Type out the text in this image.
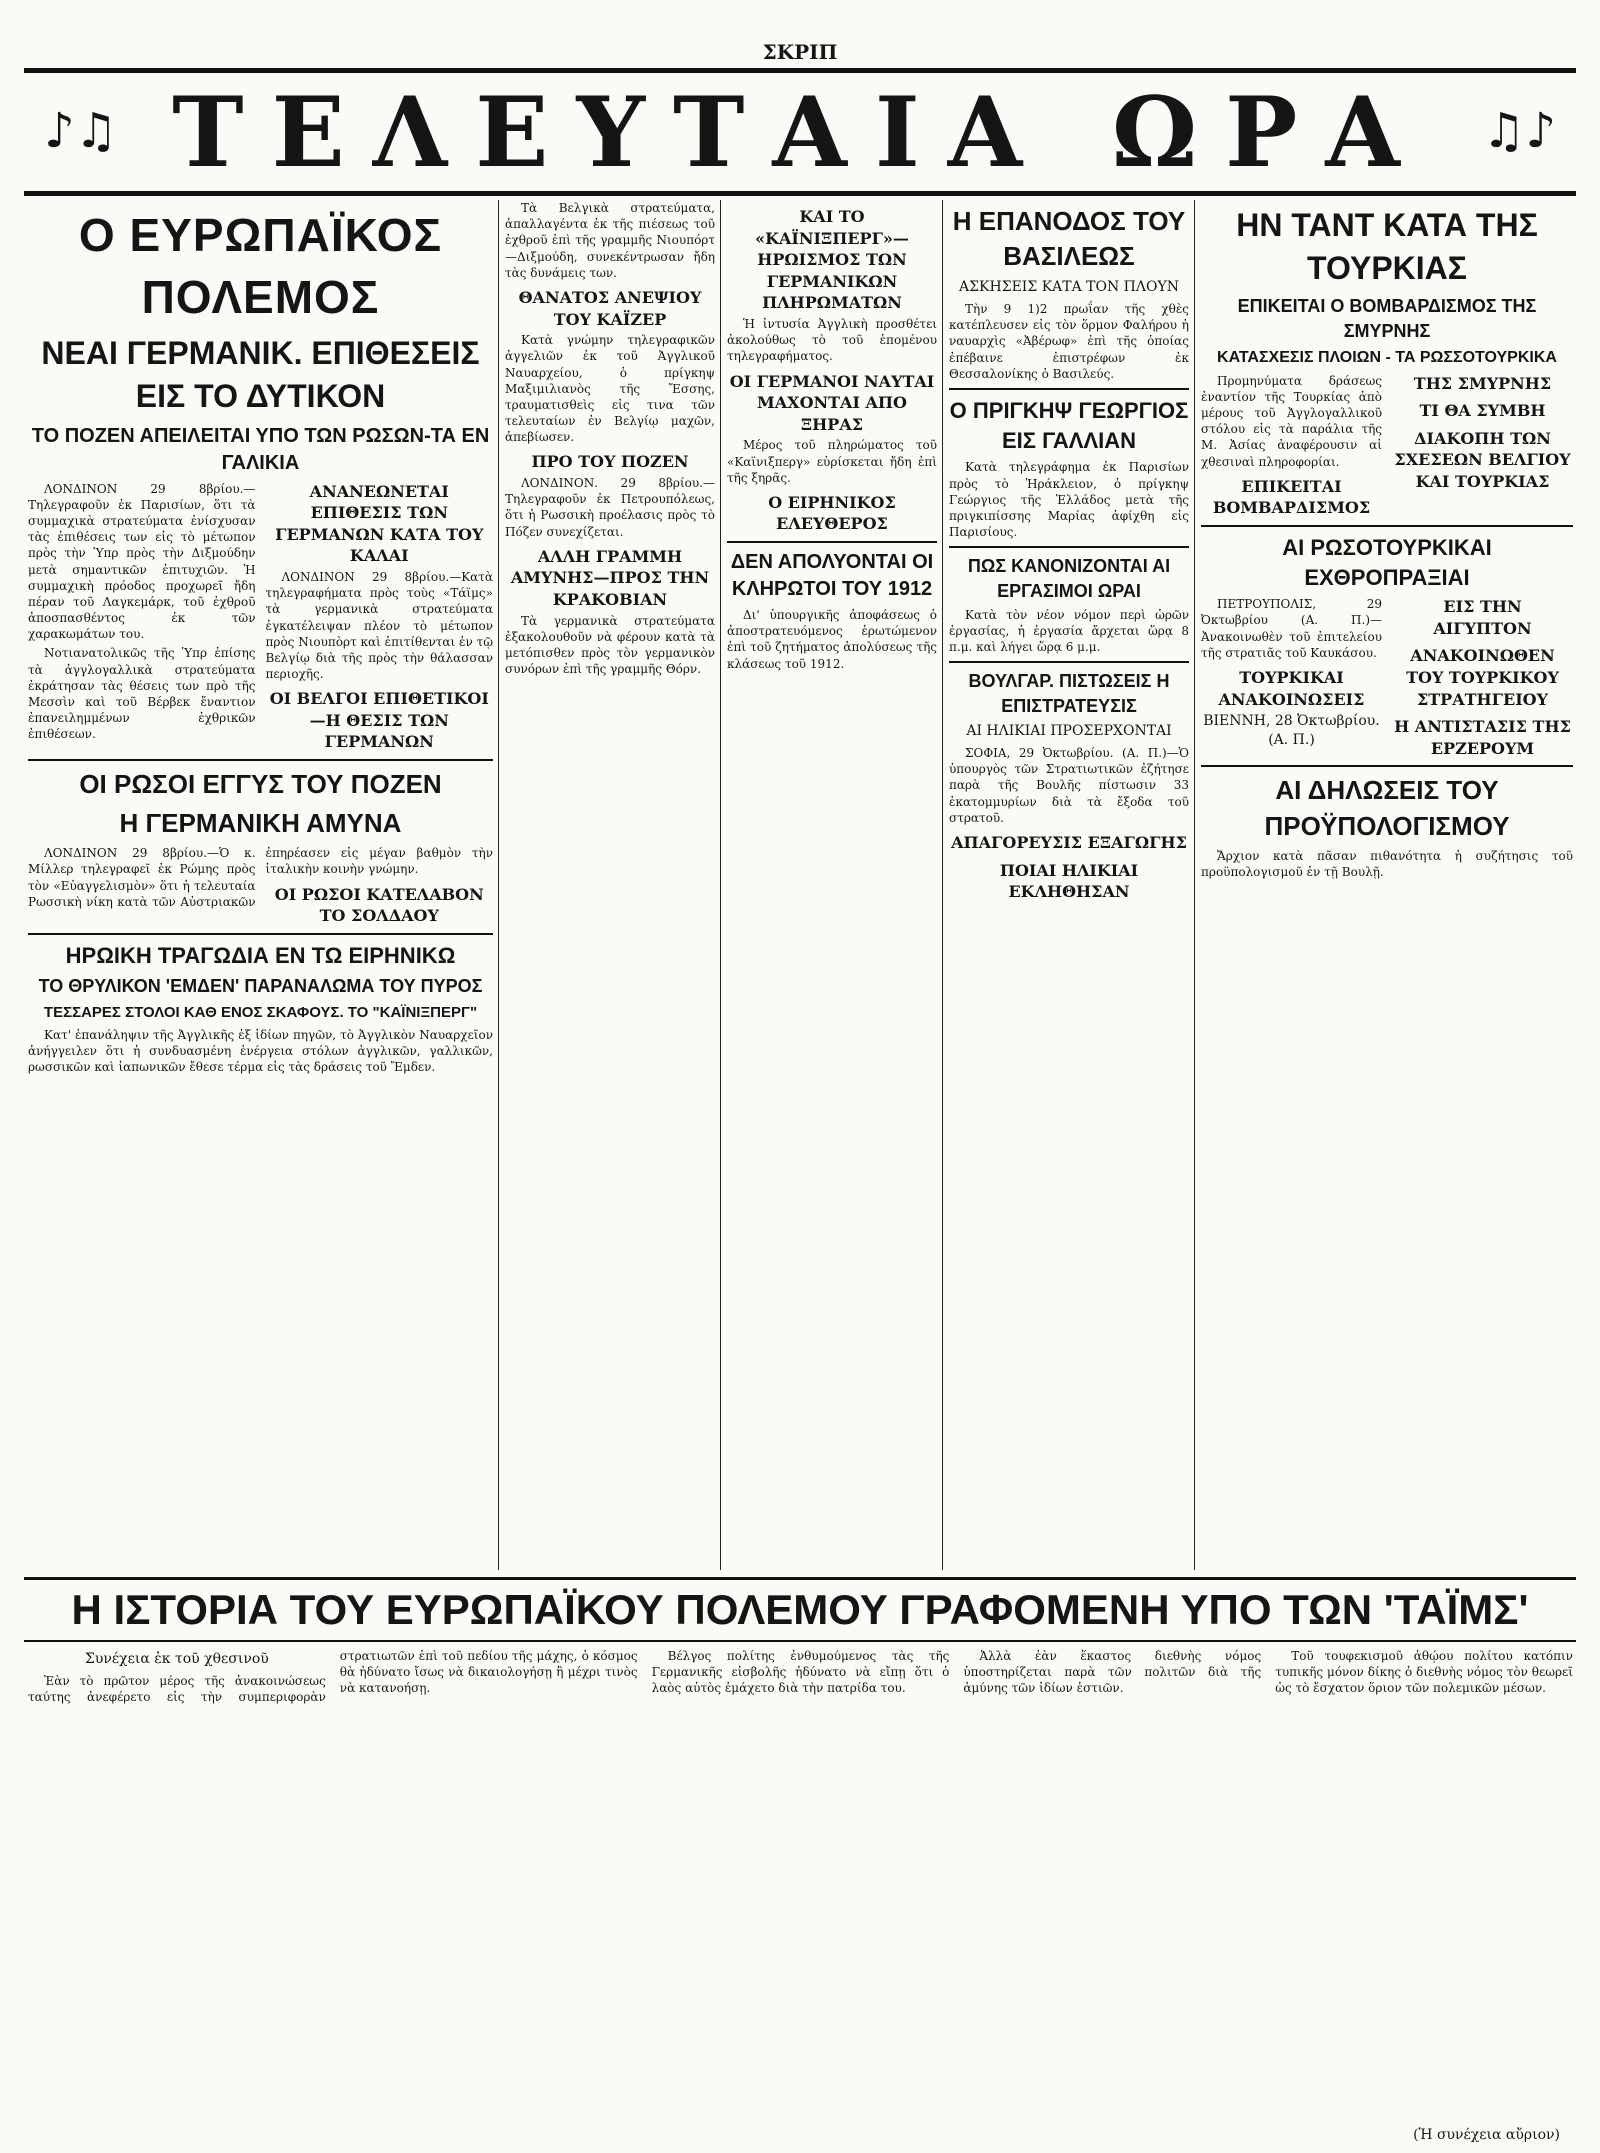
ΣΚΡΙΠ
♪♫ ΤΕΛΕΥΤΑΙΑ ΩΡΑ ♫♪
Ο ΕΥΡΩΠΑΪΚΟΣ ΠΟΛΕΜΟΣ
ΝΕΑΙ ΓΕΡΜΑΝΙΚ. ΕΠΙΘΕΣΕΙΣ ΕΙΣ ΤΟ ΔΥΤΙΚΟΝ
ΤΟ ΠΟΖΕΝ ΑΠΕΙΛΕΙΤΑΙ ΥΠΟ ΤΩΝ ΡΩΣΩΝ-ΤΑ ΕΝ ΓΑΛΙΚΙΑ

ΛΟΝΔΙΝΟΝ 29 8βρίου.—Τηλεγραφοῦν ἐκ Παρισίων, ὅτι τὰ συμμαχικὰ στρατεύματα ἐνίσχυσαν τὰς ἐπιθέσεις των εἰς τὸ μέτωπον πρὸς τὴν Ὑπρ πρὸς τὴν Διξμούδην μετὰ σημαντικῶν ἐπιτυχιῶν. Ἡ συμμαχικὴ πρόοδος προχωρεῖ ἤδη πέραν τοῦ Λαγκεμάρκ, τοῦ ἐχθροῦ ἀποσπασθέντος ἐκ τῶν χαρακωμάτων του.

Νοτιανατολικῶς τῆς Ὑπρ ἐπίσης τὰ ἀγγλογαλλικὰ στρατεύματα ἐκράτησαν τὰς θέσεις των πρὸ τῆς Μεσσὶν καὶ τοῦ Βέρβεκ ἔναντιον ἐπανειλημμένων ἐχθρικῶν ἐπιθέσεων.

ΑΝΑΝΕΩΝΕΤΑΙ ΕΠΙΘΕΣΙΣ ΤΩΝ ΓΕΡΜΑΝΩΝ ΚΑΤΑ ΤΟΥ ΚΑΛΑΙ

ΛΟΝΔΙΝΟΝ 29 8βρίου.—Κατὰ τηλεγραφήματα πρὸς τοὺς «Τάϊμς» τὰ γερμανικὰ στρατεύματα ἐγκατέλειψαν πλέον τὸ μέτωπον πρὸς Νιουπὸρτ καὶ ἐπιτίθενται ἐν τῷ Βελγίῳ διὰ τῆς πρὸς τὴν θάλασσαν περιοχῆς.

ΟΙ ΒΕΛΓΟΙ ΕΠΙΘΕΤΙΚΟΙ—Η ΘΕΣΙΣ ΤΩΝ ΓΕΡΜΑΝΩΝ
ΟΙ ΡΩΣΟΙ ΕΓΓΥΣ ΤΟΥ ΠΟΖΕΝ
Η ΓΕΡΜΑΝΙΚΗ ΑΜΥΝΑ

ΛΟΝΔΙΝΟΝ 29 8βρίου.—Ὁ κ. Μίλλερ τηλεγραφεῖ ἐκ Ρώμης πρὸς τὸν «Εὐαγγελισμὸν» ὅτι ἡ τελευταία Ρωσσικὴ νίκη κατὰ τῶν Αὐστριακῶν ἐπηρέασεν εἰς μέγαν βαθμὸν τὴν ἰταλικὴν κοινὴν γνώμην.

ΟΙ ΡΩΣΟΙ ΚΑΤΕΛΑΒΟΝ ΤΟ ΣΟΛΔΑΟΥ
ΗΡΩΙΚΗ ΤΡΑΓΩΔΙΑ ΕΝ ΤΩ ΕΙΡΗΝΙΚΩ
ΤΟ ΘΡΥΛΙΚΟΝ 'ΕΜΔΕΝ' ΠΑΡΑΝΑΛΩΜΑ ΤΟΥ ΠΥΡΟΣ
ΤΕΣΣΑΡΕΣ ΣΤΟΛΟΙ ΚΑΘ ΕΝΟΣ ΣΚΑΦΟΥΣ. ΤΟ "ΚΑΪΝΙΞΠΕΡΓ"

Κατ' ἐπανάληψιν τῆς Ἀγγλικῆς ἐξ ἰδίων πηγῶν, τὸ Ἀγγλικὸν Ναυαρχεῖον ἀνήγγειλεν ὅτι ἡ συνδυασμένη ἐνέργεια στόλων ἀγγλικῶν, γαλλικῶν, ρωσσικῶν καὶ ἰαπωνικῶν ἔθεσε τέρμα εἰς τὰς δράσεις τοῦ Ἔμδεν.

Τὰ Βελγικὰ στρατεύματα, ἀπαλλαγέντα ἐκ τῆς πιέσεως τοῦ ἐχθροῦ ἐπὶ τῆς γραμμῆς Νιουπόρτ—Διξμούδη, συνεκέντρωσαν ἤδη τὰς δυνάμεις των.

ΘΑΝΑΤΟΣ ΑΝΕΨΙΟΥ ΤΟΥ ΚΑΪΖΕΡ

Κατὰ γνώμην τηλεγραφικῶν ἀγγελιῶν ἐκ τοῦ Ἀγγλικοῦ Ναυαρχείου, ὁ πρίγκηψ Μαξιμιλιανὸς τῆς Ἔσσης, τραυματισθεὶς εἰς τινα τῶν τελευταίων ἐν Βελγίῳ μαχῶν, ἀπεβίωσεν.

ΠΡΟ ΤΟΥ ΠΟΖΕΝ

ΛΟΝΔΙΝΟΝ. 29 8βρίου.—Τηλεγραφοῦν ἐκ Πετρουπόλεως, ὅτι ἡ Ρωσσικὴ προέλασις πρὸς τὸ Πόζεν συνεχίζεται.

ΑΛΛΗ ΓΡΑΜΜΗ ΑΜΥΝΗΣ—ΠΡΟΣ ΤΗΝ ΚΡΑΚΟΒΙΑΝ

Τὰ γερμανικὰ στρατεύματα ἐξακολουθοῦν νὰ φέρουν κατὰ τὰ μετόπισθεν πρὸς τὸν γερμανικὸν συνόρων ἐπὶ τῆς γραμμῆς Θόρν.

ΚΑΙ ΤΟ «ΚΑΪΝΙΞΠΕΡΓ»—ΗΡΩΙΣΜΟΣ ΤΩΝ ΓΕΡΜΑΝΙΚΩΝ ΠΛΗΡΩΜΑΤΩΝ

Ἡ ἰντυσία Ἀγγλικὴ προσθέτει ἀκολούθως τὸ τοῦ ἑπομένου τηλεγραφήματος.

ΟΙ ΓΕΡΜΑΝΟΙ ΝΑΥΤΑΙ ΜΑΧΟΝΤΑΙ ΑΠΟ ΞΗΡΑΣ

Μέρος τοῦ πληρώματος τοῦ «Καϊνιξπεργ» εὑρίσκεται ἤδη ἐπὶ τῆς ξηρᾶς.

Ο ΕΙΡΗΝΙΚΟΣ ΕΛΕΥΘΕΡΟΣ
ΔΕΝ ΑΠΟΛΥΟΝΤΑΙ ΟΙ ΚΛΗΡΩΤΟΙ ΤΟΥ 1912

Δι' ὑπουργικῆς ἀποφάσεως ὁ ἀποστρατευόμενος ἐρωτώμενον ἐπὶ τοῦ ζητήματος ἀπολύσεως τῆς κλάσεως τοῦ 1912.

Η ΕΠΑΝΟΔΟΣ ΤΟΥ ΒΑΣΙΛΕΩΣ
ΑΣΚΗΣΕΙΣ ΚΑΤΑ ΤΟΝ ΠΛΟΥΝ

Τὴν 9 1)2 πρωΐαν τῆς χθὲς κατέπλευσεν εἰς τὸν ὅρμον Φαλήρου ἡ ναυαρχὶς «Ἀβέρωφ» ἐπὶ τῆς ὁποίας ἐπέβαινε ἐπιστρέφων ἐκ Θεσσαλονίκης ὁ Βασιλεύς.

Ο ΠΡΙΓΚΗΨ ΓΕΩΡΓΙΟΣ ΕΙΣ ΓΑΛΛΙΑΝ

Κατὰ τηλεγράφημα ἐκ Παρισίων πρὸς τὸ Ἡράκλειον, ὁ πρίγκηψ Γεώργιος τῆς Ἑλλάδος μετὰ τῆς πριγκιπίσσης Μαρίας ἀφίχθη εἰς Παρισίους.

ΠΩΣ ΚΑΝΟΝΙΖΟΝΤΑΙ ΑΙ ΕΡΓΑΣΙΜΟΙ ΩΡΑΙ

Κατὰ τὸν νέον νόμον περὶ ὡρῶν ἐργασίας, ἡ ἐργασία ἄρχεται ὥρᾳ 8 π.μ. καὶ λήγει ὥρᾳ 6 μ.μ.

ΒΟΥΛΓΑΡ. ΠΙΣΤΩΣΕΙΣ Η ΕΠΙΣΤΡΑΤΕΥΣΙΣ
ΑΙ ΗΛΙΚΙΑΙ ΠΡΟΣΕΡΧΟΝΤΑΙ

ΣΟΦΙΑ, 29 Ὀκτωβρίου. (Α. Π.)—Ὁ ὑπουργὸς τῶν Στρατιωτικῶν ἐζήτησε παρὰ τῆς Βουλῆς πίστωσιν 33 ἑκατομμυρίων διὰ τὰ ἔξοδα τοῦ στρατοῦ.

ΑΠΑΓΟΡΕΥΣΙΣ ΕΞΑΓΩΓΗΣ
ΠΟΙΑΙ ΗΛΙΚΙΑΙ ΕΚΛΗΘΗΣΑΝ
ΗΝ ΤΑΝΤ ΚΑΤΑ ΤΗΣ ΤΟΥΡΚΙΑΣ
ΕΠΙΚΕΙΤΑΙ Ο ΒΟΜΒΑΡΔΙΣΜΟΣ ΤΗΣ ΣΜΥΡΝΗΣ
ΚΑΤΑΣΧΕΣΙΣ ΠΛΟΙΩΝ - ΤΑ ΡΩΣΣΟΤΟΥΡΚΙΚΑ

Προμηνύματα δράσεως ἐναντίον τῆς Τουρκίας ἀπὸ μέρους τοῦ Ἀγγλογαλλικοῦ στόλου εἰς τὰ παράλια τῆς Μ. Ἀσίας ἀναφέρουσιν αἱ χθεσιναὶ πληροφορίαι.

ΕΠΙΚΕΙΤΑΙ ΒΟΜΒΑΡΔΙΣΜΟΣ ΤΗΣ ΣΜΥΡΝΗΣ
ΤΙ ΘΑ ΣΥΜΒΗ
ΔΙΑΚΟΠΗ ΤΩΝ ΣΧΕΣΕΩΝ ΒΕΛΓΙΟΥ ΚΑΙ ΤΟΥΡΚΙΑΣ
ΑΙ ΡΩΣΟΤΟΥΡΚΙΚΑΙ ΕΧΘΡΟΠΡΑΞΙΑΙ

ΠΕΤΡΟΥΠΟΛΙΣ, 29 Ὀκτωβρίου (Α. Π.)—Ἀνακοινωθὲν τοῦ ἐπιτελείου τῆς στρατιᾶς τοῦ Καυκάσου.

ΤΟΥΡΚΙΚΑΙ ΑΝΑΚΟΙΝΩΣΕΙΣ
ΒΙΕΝΝΗ, 28 Ὀκτωβρίου. (Α. Π.)
ΕΙΣ ΤΗΝ ΑΙΓΥΠΤΟΝ
ΑΝΑΚΟΙΝΩΘΕΝ ΤΟΥ ΤΟΥΡΚΙΚΟΥ ΣΤΡΑΤΗΓΕΙΟΥ
Η ΑΝΤΙΣΤΑΣΙΣ ΤΗΣ ΕΡΖΕΡΟΥΜ
ΑΙ ΔΗΛΩΣΕΙΣ ΤΟΥ ΠΡΟΫΠΟΛΟΓΙΣΜΟΥ

Ἄρχιον κατὰ πᾶσαν πιθανότητα ἡ συζήτησις τοῦ προϋπολογισμοῦ ἐν τῇ Βουλῇ.

Η ΙΣΤΟΡΙΑ ΤΟΥ ΕΥΡΩΠΑΪΚΟΥ ΠΟΛΕΜΟΥ ΓΡΑΦΟΜΕΝΗ ΥΠΟ ΤΩΝ 'ΤΑΪΜΣ'
Συνέχεια ἐκ τοῦ χθεσινοῦ

Ἐὰν τὸ πρῶτον μέρος τῆς ἀνακοινώσεως ταύτης ἀνεφέρετο εἰς τὴν συμπεριφορὰν στρατιωτῶν ἐπὶ τοῦ πεδίου τῆς μάχης, ὁ κόσμος θὰ ἠδύνατο ἴσως νὰ δικαιολογήσῃ ἢ μέχρι τινὸς νὰ κατανοήσῃ.

Βέλγος πολίτης ἐνθυμούμενος τὰς τῆς Γερμανικῆς εἰσβολῆς ἠδύνατο νὰ εἴπῃ ὅτι ὁ λαὸς αὐτὸς ἐμάχετο διὰ τὴν πατρίδα του.

Ἀλλὰ ἐὰν ἕκαστος διεθνὴς νόμος ὑποστηρίζεται παρὰ τῶν πολιτῶν διὰ τῆς ἀμύνης τῶν ἰδίων ἑστιῶν.

Τοῦ τουφεκισμοῦ ἀθῴου πολίτου κατόπιν τυπικῆς μόνον δίκης ὁ διεθνὴς νόμος τὸν θεωρεῖ ὡς τὸ ἔσχατον ὅριον τῶν πολεμικῶν μέσων.

(Ἡ συνέχεια αὔριον)
